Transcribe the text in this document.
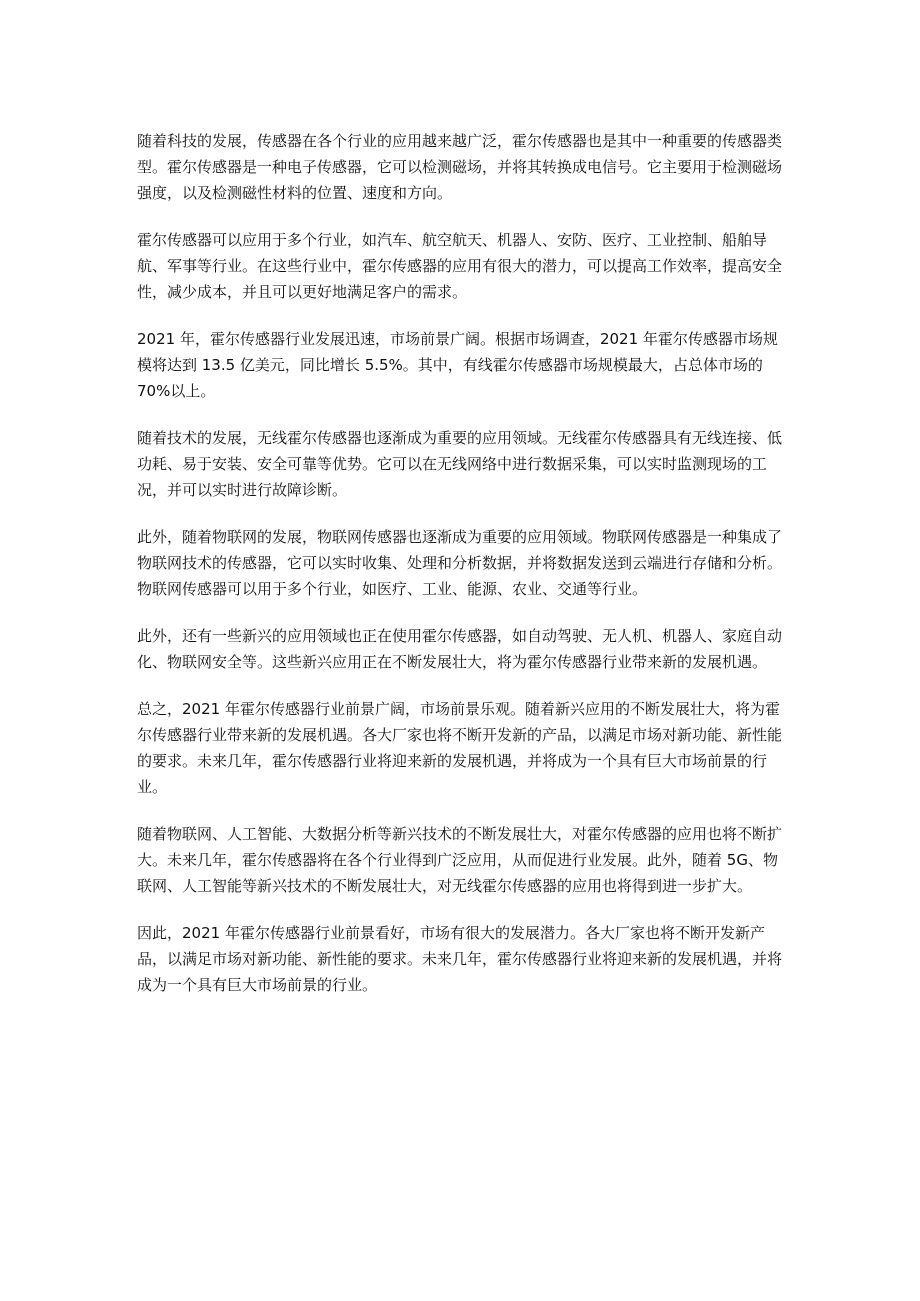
随着科技的发展，传感器在各个行业的应用越来越广泛，霍尔传感器也是其中一种重要的传感器类型。霍尔传感器是一种电子传感器，它可以检测磁场，并将其转换成电信号。它主要用于检测磁场强度，以及检测磁性材料的位置、速度和方向。

霍尔传感器可以应用于多个行业，如汽车、航空航天、机器人、安防、医疗、工业控制、船舶导航、军事等行业。在这些行业中，霍尔传感器的应用有很大的潜力，可以提高工作效率，提高安全性，减少成本，并且可以更好地满足客户的需求。

2021 年，霍尔传感器行业发展迅速，市场前景广阔。根据市场调查，2021 年霍尔传感器市场规模将达到 13.5 亿美元，同比增长 5.5%。其中，有线霍尔传感器市场规模最大，占总体市场的 70%以上。

随着技术的发展，无线霍尔传感器也逐渐成为重要的应用领域。无线霍尔传感器具有无线连接、低功耗、易于安装、安全可靠等优势。它可以在无线网络中进行数据采集，可以实时监测现场的工况，并可以实时进行故障诊断。

此外，随着物联网的发展，物联网传感器也逐渐成为重要的应用领域。物联网传感器是一种集成了物联网技术的传感器，它可以实时收集、处理和分析数据，并将数据发送到云端进行存储和分析。物联网传感器可以用于多个行业，如医疗、工业、能源、农业、交通等行业。

此外，还有一些新兴的应用领域也正在使用霍尔传感器，如自动驾驶、无人机、机器人、家庭自动化、物联网安全等。这些新兴应用正在不断发展壮大，将为霍尔传感器行业带来新的发展机遇。

总之，2021 年霍尔传感器行业前景广阔，市场前景乐观。随着新兴应用的不断发展壮大，将为霍尔传感器行业带来新的发展机遇。各大厂家也将不断开发新的产品，以满足市场对新功能、新性能的要求。未来几年，霍尔传感器行业将迎来新的发展机遇，并将成为一个具有巨大市场前景的行业。

随着物联网、人工智能、大数据分析等新兴技术的不断发展壮大，对霍尔传感器的应用也将不断扩大。未来几年，霍尔传感器将在各个行业得到广泛应用，从而促进行业发展。此外，随着 5G、物联网、人工智能等新兴技术的不断发展壮大，对无线霍尔传感器的应用也将得到进一步扩大。

因此，2021 年霍尔传感器行业前景看好，市场有很大的发展潜力。各大厂家也将不断开发新产品，以满足市场对新功能、新性能的要求。未来几年，霍尔传感器行业将迎来新的发展机遇，并将成为一个具有巨大市场前景的行业。
